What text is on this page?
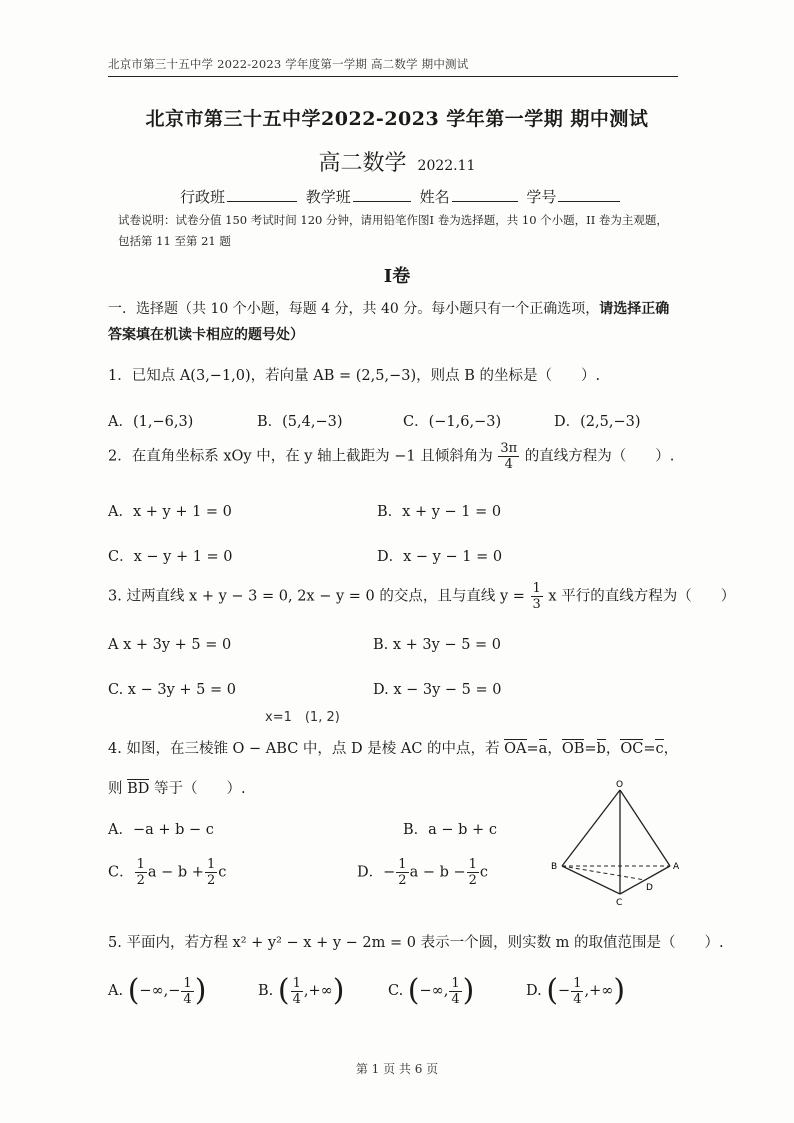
北京市第三十五中学 2022-2023 学年度第一学期 高二数学 期中测试
北京市第三十五中学2022-2023 学年第一学期 期中测试
高二数学 2022.11
行政班	教学班	姓名	学号
试卷说明：试卷分值 150 考试时间 120 分钟，请用铅笔作图I 卷为选择题，共 10 个小题，II 卷为主观题，包括第 11 至第 21 题
I卷
一．选择题（共 10 个小题，每题 4 分，共 40 分。每小题只有一个正确选项，请选择正确答案填在机读卡相应的题号处）
1．已知点 A(3,−1,0)，若向量 AB = (2,5,−3)，则点 B 的坐标是（　　）.
A．(1,−6,3)	B．(5,4,−3)	C．(−1,6,−3)	D．(2,5,−3)
2．在直角坐标系 xOy 中，在 y 轴上截距为 −1 且倾斜角为 $\frac{3\pi}{4}$ 的直线方程为（　　）.
A．x + y + 1 = 0	B．x + y − 1 = 0
C．x − y + 1 = 0	D．x − y − 1 = 0
3. 过两直线 x + y − 3 = 0, 2x − y = 0 的交点，且与直线 $y = \frac{1}{3}$ x 平行的直线方程为（　　）
A x + 3y + 5 = 0	B. x + 3y − 5 = 0
C. x − 3y + 5 = 0	D. x − 3y − 5 = 0
x=1　(1, 2)
4. 如图，在三棱锥 O − ABC 中，点 D 是棱 AC 的中点，若 OA=a，OB=b，OC=c，
则 BD 等于（　　）.
A．−a + b − c	B．a − b + c
C． $\frac{1}{2}$ $a - b + \frac{1}{2}$ c	D．− $\frac{1}{2}$ $a - b - \frac{1}{2}$ c
O
B	A
C
D
5. 平面内，若方程 x² + y² − x + y − 2m = 0 表示一个圆，则实数 m 的取值范围是（　　）.
A. (−∞,− $\frac{1}{4}$ )	B. ( $\frac{1}{4}$ ,+∞)	C. (−∞, $\frac{1}{4}$ )	D. (− $\frac{1}{4}$ ,+∞)
第 1 页 共 6 页
